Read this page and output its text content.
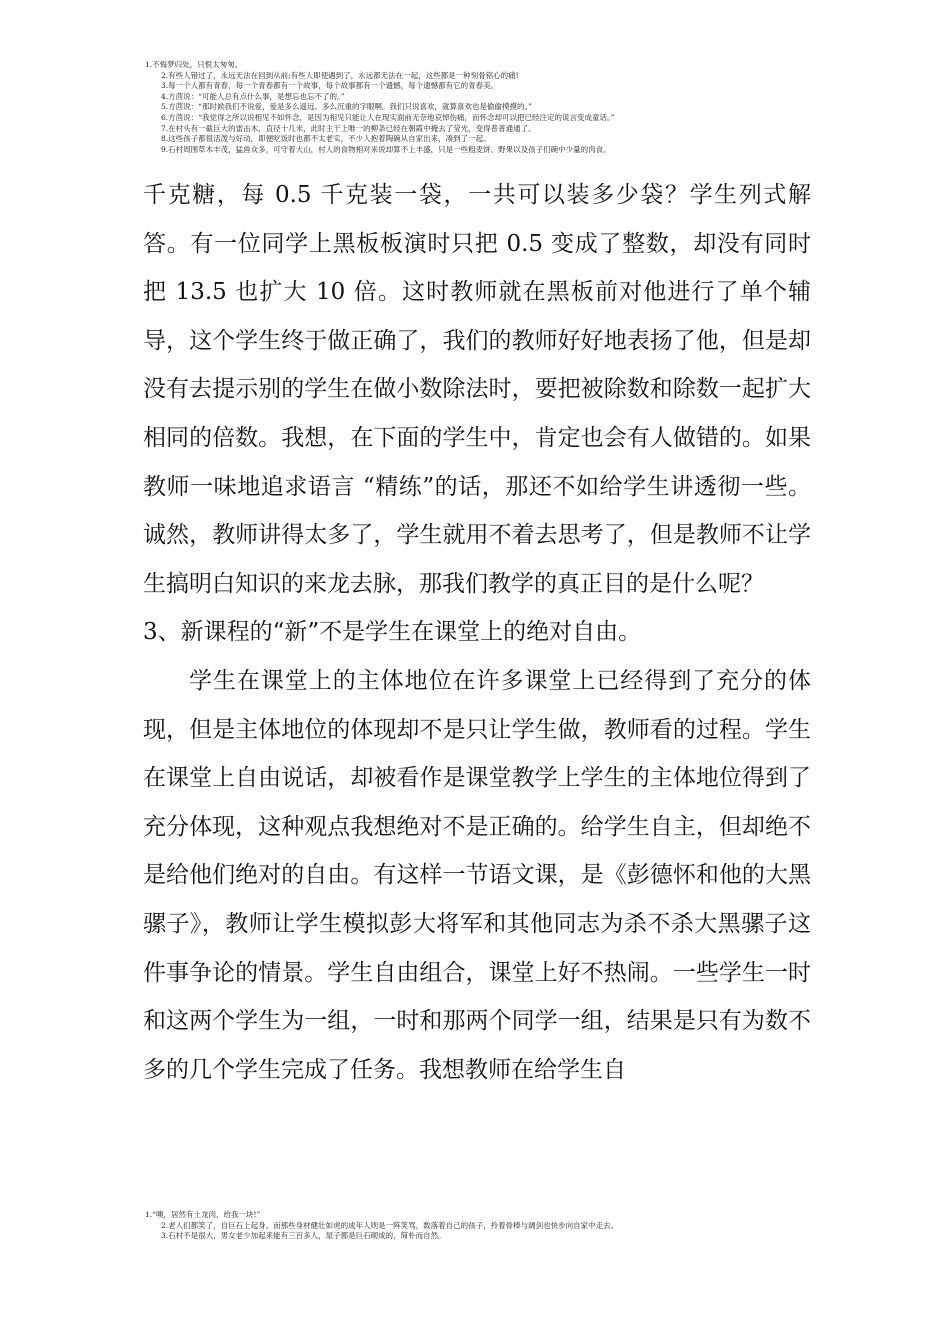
1.不悔梦归处，只恨太匆匆。
2.有些人错过了，永远无法在回到从前;有些人即使遇到了，永远都无法在一起，这些都是一种刻骨铭心的痛!
3.每一个人都有青春，每一个青春都有一个故事，每个故事都有一个遗憾，每个遗憾都有它的青春美。
4.方茴说：“可能人总有点什么事，是想忘也忘不了的。”
5.方茴说：“那时候我们不说爱，爱是多么遥远、多么沉重的字眼啊。我们只说喜欢，就算喜欢也是偷偷摸摸的。”
6.方茴说：“我觉得之所以说相见不如怀念，是因为相见只能让人在现实面前无奈地哀悼伤痛，而怀念却可以把已经注定的谎言变成童话。”
7.在村头有一截巨大的雷击木，直径十几米，此时主干上唯一的柳条已经在朝霞中掩去了莹光，变得普普通通了。
8.这些孩子都很活泼与好动，即便吃饭时也都不太老实，不少人抱着陶碗从自家出来，凑到了一起。
9.石村周围草木丰茂，猛兽众多，可守着大山，村人的食物相对来说却算不上丰盛，只是一些粗麦饼、野果以及孩子们碗中少量的肉食。

千克糖，每 0.5 千克装一袋，一共可以装多少袋？学生列式解答。有一位同学上黑板板演时只把 0.5 变成了整数，却没有同时把 13.5 也扩大 10 倍。这时教师就在黑板前对他进行了单个辅导，这个学生终于做正确了，我们的教师好好地表扬了他，但是却没有去提示别的学生在做小数除法时，要把被除数和除数一起扩大相同的倍数。我想，在下面的学生中，肯定也会有人做错的。如果教师一味地追求语言 “精练”的话，那还不如给学生讲透彻一些。诚然，教师讲得太多了，学生就用不着去思考了，但是教师不让学生搞明白知识的来龙去脉，那我们教学的真正目的是什么呢？

3、新课程的“新”不是学生在课堂上的绝对自由。

学生在课堂上的主体地位在许多课堂上已经得到了充分的体现，但是主体地位的体现却不是只让学生做，教师看的过程。学生在课堂上自由说话，却被看作是课堂教学上学生的主体地位得到了充分体现，这种观点我想绝对不是正确的。给学生自主，但却绝不是给他们绝对的自由。有这样一节语文课，是《彭德怀和他的大黑骡子》，教师让学生模拟彭大将军和其他同志为杀不杀大黑骡子这件事争论的情景。学生自由组合，课堂上好不热闹。一些学生一时和这两个学生为一组，一时和那两个同学一组，结果是只有为数不多的几个学生完成了任务。我想教师在给学生自

1.“噢，居然有土龙肉，给我一块!”
2.老人们都笑了，自巨石上起身。而那些身材健壮如虎的成年人则是一阵笑骂，数落着自己的孩子，拎着骨棒与阔剑也快步向自家中走去。
3.石村不是很大，男女老少加起来能有三百多人，屋子都是巨石砌成的，简朴而自然。
